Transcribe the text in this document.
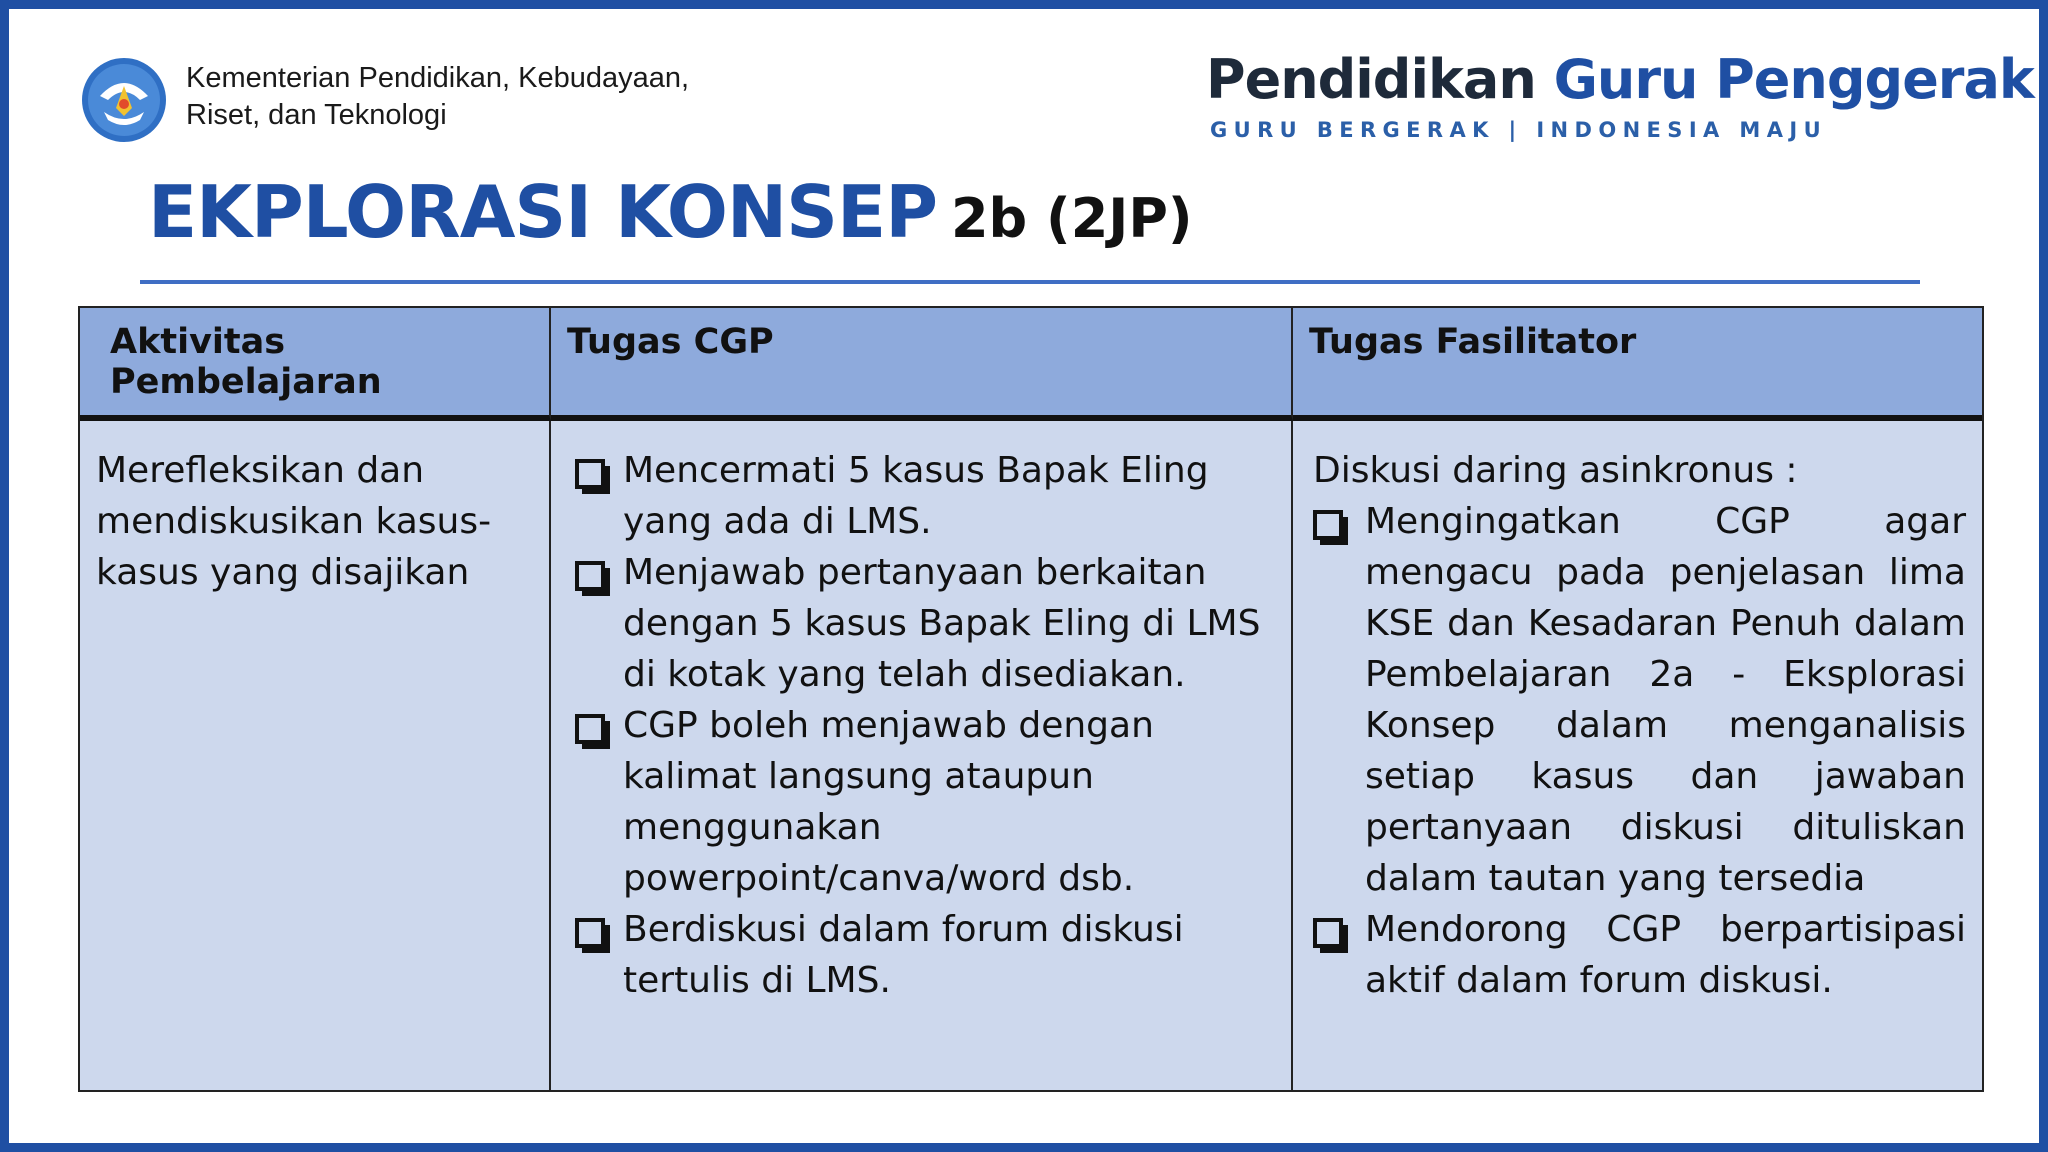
Kementerian Pendidikan, Kebudayaan,
Riset, dan Teknologi
Pendidikan Guru Penggerak
GURU BERGERAK | INDONESIA MAJU
EKPLORASI KONSEP 2b (2JP)
Aktivitas Pembelajaran
Tugas CGP	Tugas Fasilitator
Merefleksikan dan mendiskusikan kasus-kasus yang disajikan
Mencermati 5 kasus Bapak Eling yang ada di LMS.
Menjawab pertanyaan berkaitan dengan 5 kasus Bapak Eling di LMS di kotak yang telah disediakan.
CGP boleh menjawab dengan kalimat langsung ataupun menggunakan powerpoint/canva/word dsb.
Berdiskusi dalam forum diskusi tertulis di LMS.
Diskusi daring asinkronus :
Mengingatkan CGP agar mengacu pada penjelasan lima KSE dan Kesadaran Penuh dalam Pembelajaran 2a - Eksplorasi Konsep dalam menganalisis setiap kasus dan jawaban pertanyaan diskusi dituliskan dalam tautan yang tersedia
Mendorong CGP berpartisipasi aktif dalam forum diskusi.
